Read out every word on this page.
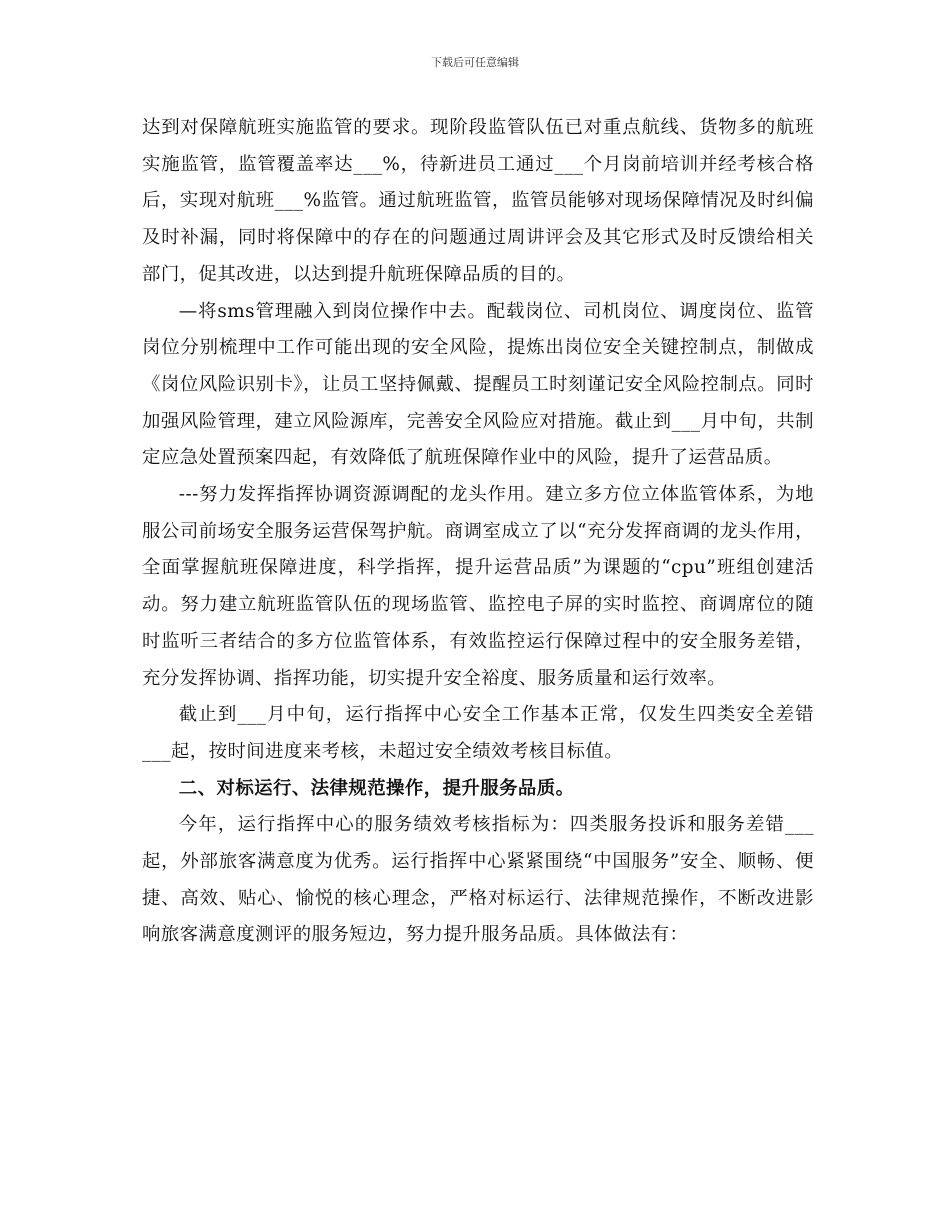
下载后可任意编辑

达到对保障航班实施监管的要求。现阶段监管队伍已对重点航线、货物多的航班实施监管，监管覆盖率达___%，待新进员工通过___个月岗前培训并经考核合格后，实现对航班___%监管。通过航班监管，监管员能够对现场保障情况及时纠偏及时补漏，同时将保障中的存在的问题通过周讲评会及其它形式及时反馈给相关部门，促其改进，以达到提升航班保障品质的目的。

—将sms管理融入到岗位操作中去。配载岗位、司机岗位、调度岗位、监管岗位分别梳理中工作可能出现的安全风险，提炼出岗位安全关键控制点，制做成《岗位风险识别卡》，让员工坚持佩戴、提醒员工时刻谨记安全风险控制点。同时加强风险管理，建立风险源库，完善安全风险应对措施。截止到___月中旬，共制定应急处置预案四起，有效降低了航班保障作业中的风险，提升了运营品质。

---努力发挥指挥协调资源调配的龙头作用。建立多方位立体监管体系，为地服公司前场安全服务运营保驾护航。商调室成立了以“充分发挥商调的龙头作用，全面掌握航班保障进度，科学指挥，提升运营品质”为课题的“cpu”班组创建活动。努力建立航班监管队伍的现场监管、监控电子屏的实时监控、商调席位的随时监听三者结合的多方位监管体系，有效监控运行保障过程中的安全服务差错，充分发挥协调、指挥功能，切实提升安全裕度、服务质量和运行效率。

截止到___月中旬，运行指挥中心安全工作基本正常，仅发生四类安全差错___起，按时间进度来考核，未超过安全绩效考核目标值。

二、对标运行、法律规范操作，提升服务品质。

今年，运行指挥中心的服务绩效考核指标为：四类服务投诉和服务差错___起，外部旅客满意度为优秀。运行指挥中心紧紧围绕“中国服务”安全、顺畅、便捷、高效、贴心、愉悦的核心理念，严格对标运行、法律规范操作，不断改进影响旅客满意度测评的服务短边，努力提升服务品质。具体做法有：
